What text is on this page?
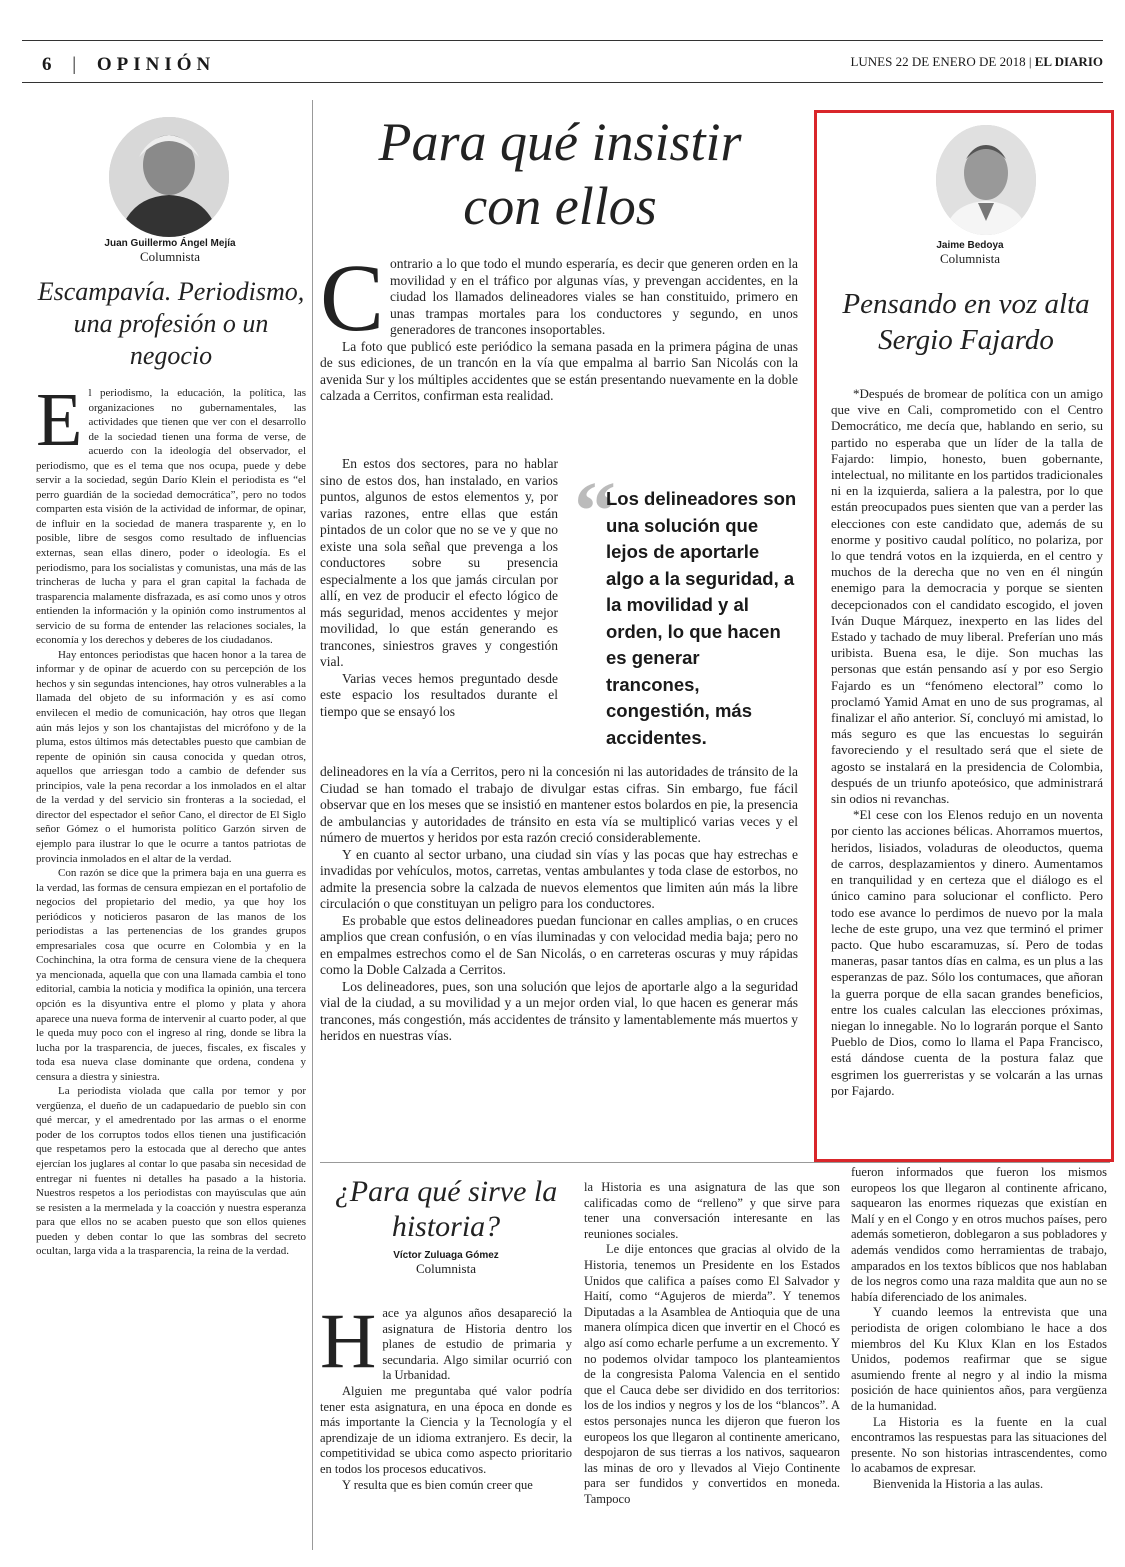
6 | OPINIÓN	LUNES 22 DE ENERO DE 2018 | EL DIARIO
Juan Guillermo Ángel Mejía
Columnista
Escampavía. Periodismo, una profesión o un negocio

El periodismo, la educación, la política, las organizaciones no gubernamentales, las actividades que tienen que ver con el desarrollo de la sociedad tienen una forma de verse, de acuerdo con la ideología del observador, el periodismo, que es el tema que nos ocupa, puede y debe servir a la sociedad, según Darío Klein el periodista es “el perro guardián de la sociedad democrática”, pero no todos comparten esta visión de la actividad de informar, de opinar, de influir en la sociedad de manera trasparente y, en lo posible, libre de sesgos como resultado de influencias externas, sean ellas dinero, poder o ideología. Es el periodismo, para los socialistas y comunistas, una más de las trincheras de lucha y para el gran capital la fachada de trasparencia malamente disfrazada, es así como unos y otros entienden la información y la opinión como instrumentos al servicio de su forma de entender las relaciones sociales, la economía y los derechos y deberes de los ciudadanos.

Hay entonces periodistas que hacen honor a la tarea de informar y de opinar de acuerdo con su percepción de los hechos y sin segundas intenciones, hay otros vulnerables a la llamada del objeto de su información y es así como envilecen el medio de comunicación, hay otros que llegan aún más lejos y son los chantajistas del micrófono y de la pluma, estos últimos más detectables puesto que cambian de repente de opinión sin causa conocida y quedan otros, aquellos que arriesgan todo a cambio de defender sus principios, vale la pena recordar a los inmolados en el altar de la verdad y del servicio sin fronteras a la sociedad, el director del espectador el señor Cano, el director de El Siglo señor Gómez o el humorista político Garzón sirven de ejemplo para ilustrar lo que le ocurre a tantos patriotas de provincia inmolados en el altar de la verdad.

Con razón se dice que la primera baja en una guerra es la verdad, las formas de censura empiezan en el portafolio de negocios del propietario del medio, ya que hoy los periódicos y noticieros pasaron de las manos de los periodistas a las pertenencias de los grandes grupos empresariales cosa que ocurre en Colombia y en la Cochinchina, la otra forma de censura viene de la chequera ya mencionada, aquella que con una llamada cambia el tono editorial, cambia la noticia y modifica la opinión, una tercera opción es la disyuntiva entre el plomo y plata y ahora aparece una nueva forma de intervenir al cuarto poder, al que le queda muy poco con el ingreso al ring, donde se libra la lucha por la trasparencia, de jueces, fiscales, ex fiscales y toda esa nueva clase dominante que ordena, condena y censura a diestra y siniestra.

La periodista violada que calla por temor y por vergüenza, el dueño de un cadapuedario de pueblo sin con qué mercar, y el amedrentado por las armas o el enorme poder de los corruptos todos ellos tienen una justificación que respetamos pero la estocada que al derecho que antes ejercían los juglares al contar lo que pasaba sin necesidad de entregar ni fuentes ni detalles ha pasado a la historia. Nuestros respetos a los periodistas con mayúsculas que aún se resisten a la mermelada y la coacción y nuestra esperanza para que ellos no se acaben puesto que son ellos quienes pueden y deben contar lo que las sombras del secreto ocultan, larga vida a la trasparencia, la reina de la verdad.

Para qué insistir
con ellos

Contrario a lo que todo el mundo esperaría, es decir que generen orden en la movilidad y en el tráfico por algunas vías, y prevengan accidentes, en la ciudad los llamados delineadores viales se han constituido, primero en unas trampas mortales para los conductores y segundo, en unos generadores de trancones insoportables.

La foto que publicó este periódico la semana pasada en la primera página de unas de sus ediciones, de un trancón en la vía que empalma al barrio San Nicolás con la avenida Sur y los múltiples accidentes que se están presentando nuevamente en la doble calzada a Cerritos, confirman esta realidad.

En estos dos sectores, para no hablar sino de estos dos, han instalado, en varios puntos, algunos de estos elementos y, por varias razones, entre ellas que están pintados de un color que no se ve y que no existe una sola señal que prevenga a los conductores sobre su presencia especialmente a los que jamás circulan por allí, en vez de producir el efecto lógico de más seguridad, menos accidentes y mejor movilidad, lo que están generando es trancones, siniestros graves y congestión vial.

Varias veces hemos preguntado desde este espacio los resultados durante el tiempo que se ensayó los

“
Los delineadores son una solución que lejos de aportarle algo a la seguridad, a la movilidad y al orden, lo que hacen es generar trancones, congestión, más accidentes.

delineadores en la vía a Cerritos, pero ni la concesión ni las autoridades de tránsito de la Ciudad se han tomado el trabajo de divulgar estas cifras. Sin embargo, fue fácil observar que en los meses que se insistió en mantener estos bolardos en pie, la presencia de ambulancias y autoridades de tránsito en esta vía se multiplicó varias veces y el número de muertos y heridos por esta razón creció considerablemente.

Y en cuanto al sector urbano, una ciudad sin vías y las pocas que hay estrechas e invadidas por vehículos, motos, carretas, ventas ambulantes y toda clase de estorbos, no admite la presencia sobre la calzada de nuevos elementos que limiten aún más la libre circulación o que constituyan un peligro para los conductores.

Es probable que estos delineadores puedan funcionar en calles amplias, o en cruces amplios que crean confusión, o en vías iluminadas y con velocidad media baja; pero no en empalmes estrechos como el de San Nicolás, o en carreteras oscuras y muy rápidas como la Doble Calzada a Cerritos.

Los delineadores, pues, son una solución que lejos de aportarle algo a la seguridad vial de la ciudad, a su movilidad y a un mejor orden vial, lo que hacen es generar más trancones, más congestión, más accidentes de tránsito y lamentablemente más muertos y heridos en nuestras vías.

Jaime Bedoya
Columnista
Pensando en voz alta
Sergio Fajardo

*Después de bromear de política con un amigo que vive en Cali, comprometido con el Centro Democrático, me decía que, hablando en serio, su partido no esperaba que un líder de la talla de Fajardo: limpio, honesto, buen gobernante, intelectual, no militante en los partidos tradicionales ni en la izquierda, saliera a la palestra, por lo que están preocupados pues sienten que van a perder las elecciones con este candidato que, además de su enorme y positivo caudal político, no polariza, por lo que tendrá votos en la izquierda, en el centro y muchos de la derecha que no ven en él ningún enemigo para la democracia y porque se sienten decepcionados con el candidato escogido, el joven Iván Duque Márquez, inexperto en las lides del Estado y tachado de muy liberal. Preferían uno más uribista. Buena esa, le dije. Son muchas las personas que están pensando así y por eso Sergio Fajardo es un “fenómeno electoral” como lo proclamó Yamid Amat en uno de sus programas, al finalizar el año anterior. Sí, concluyó mi amistad, lo más seguro es que las encuestas lo seguirán favoreciendo y el resultado será que el siete de agosto se instalará en la presidencia de Colombia, después de un triunfo apoteósico, que administrará sin odios ni revanchas.

*El cese con los Elenos redujo en un noventa por ciento las acciones bélicas. Ahorramos muertos, heridos, lisiados, voladuras de oleoductos, quema de carros, desplazamientos y dinero. Aumentamos en tranquilidad y en certeza que el diálogo es el único camino para solucionar el conflicto. Pero todo ese avance lo perdimos de nuevo por la mala leche de este grupo, una vez que terminó el primer pacto. Que hubo escaramuzas, sí. Pero de todas maneras, pasar tantos días en calma, es un plus a las esperanzas de paz. Sólo los contumaces, que añoran la guerra porque de ella sacan grandes beneficios, entre los cuales calculan las elecciones próximas, niegan lo innegable. No lo lograrán porque el Santo Pueblo de Dios, como lo llama el Papa Francisco, está dándose cuenta de la postura falaz que esgrimen los guerreristas y se volcarán a las urnas por Fajardo.

¿Para qué sirve la
historia?
Víctor Zuluaga Gómez
Columnista

Hace ya algunos años desapareció la asignatura de Historia dentro los planes de estudio de primaria y secundaria. Algo similar ocurrió con la Urbanidad.

Alguien me preguntaba qué valor podría tener esta asignatura, en una época en donde es más importante la Ciencia y la Tecnología y el aprendizaje de un idioma extranjero. Es decir, la competitividad se ubica como aspecto prioritario en todos los procesos educativos.

Y resulta que es bien común creer que

la Historia es una asignatura de las que son calificadas como de “relleno” y que sirve para tener una conversación interesante en las reuniones sociales.

Le dije entonces que gracias al olvido de la Historia, tenemos un Presidente en los Estados Unidos que califica a países como El Salvador y Haití, como “Agujeros de mierda”. Y tenemos Diputadas a la Asamblea de Antioquia que de una manera olímpica dicen que invertir en el Chocó es algo así como echarle perfume a un excremento. Y no podemos olvidar tampoco los planteamientos de la congresista Paloma Valencia en el sentido que el Cauca debe ser dividido en dos territorios: los de los indios y negros y los de los “blancos”. A estos personajes nunca les dijeron que fueron los europeos los que llegaron al continente americano, despojaron de sus tierras a los nativos, saquearon las minas de oro y llevados al Viejo Continente para ser fundidos y convertidos en moneda. Tampoco

fueron informados que fueron los mismos europeos los que llegaron al continente africano, saquearon las enormes riquezas que existían en Malí y en el Congo y en otros muchos países, pero además sometieron, doblegaron a sus pobladores y además vendidos como herramientas de trabajo, amparados en los textos bíblicos que nos hablaban de los negros como una raza maldita que aun no se había diferenciado de los animales.

Y cuando leemos la entrevista que una periodista de origen colombiano le hace a dos miembros del Ku Klux Klan en los Estados Unidos, podemos reafirmar que se sigue asumiendo frente al negro y al indio la misma posición de hace quinientos años, para vergüenza de la humanidad.

La Historia es la fuente en la cual encontramos las respuestas para las situaciones del presente. No son historias intrascendentes, como lo acabamos de expresar.

Bienvenida la Historia a las aulas.
